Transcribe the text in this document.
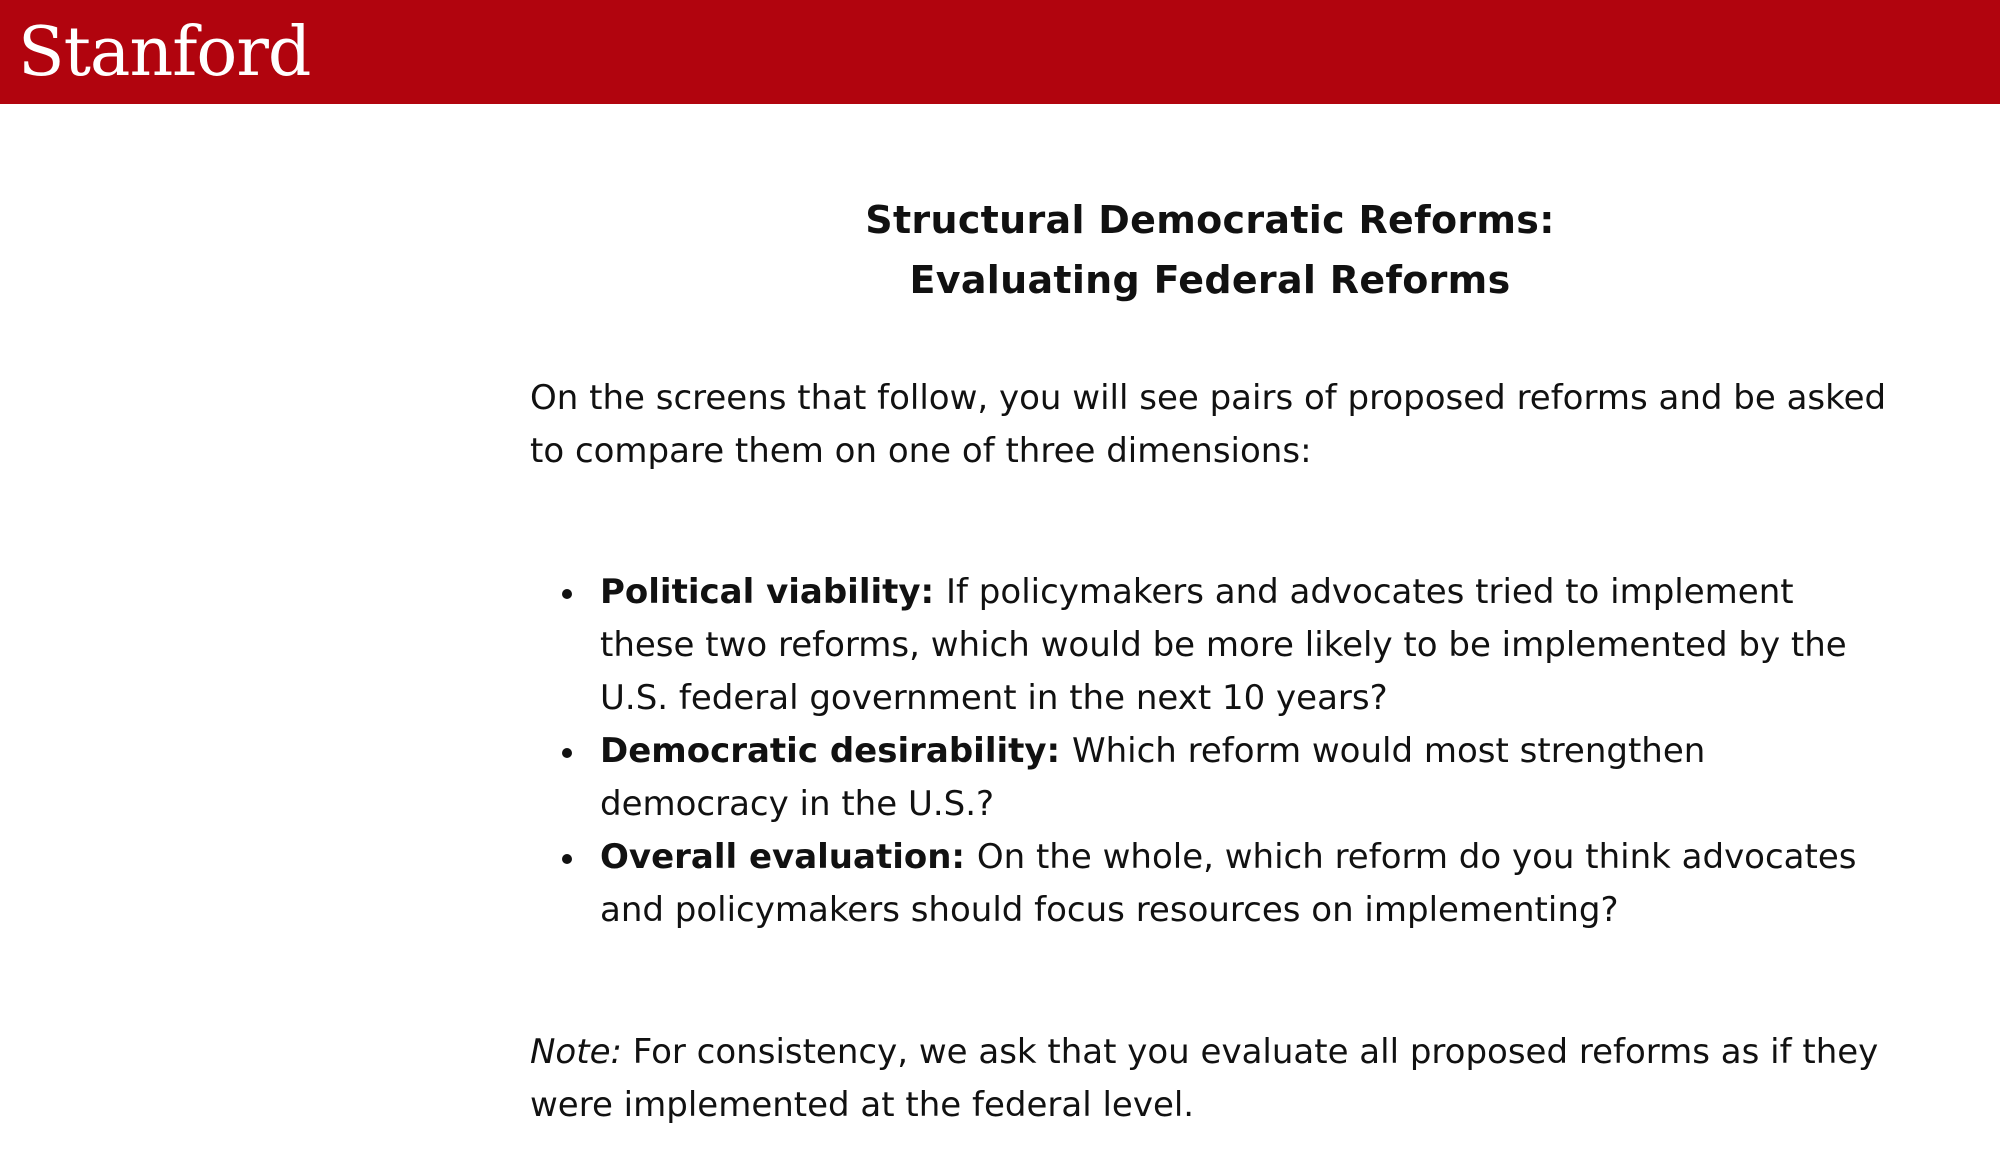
Stanford
Structural Democratic Reforms:
Evaluating Federal Reforms

On the screens that follow, you will see pairs of proposed reforms and be asked to compare them on one of three dimensions:

Political viability: If policymakers and advocates tried to implement these two reforms, which would be more likely to be implemented by the U.S. federal government in the next 10 years?
Democratic desirability: Which reform would most strengthen democracy in the U.S.?
Overall evaluation: On the whole, which reform do you think advocates and policymakers should focus resources on implementing?

Note: For consistency, we ask that you evaluate all proposed reforms as if they were implemented at the federal level.
